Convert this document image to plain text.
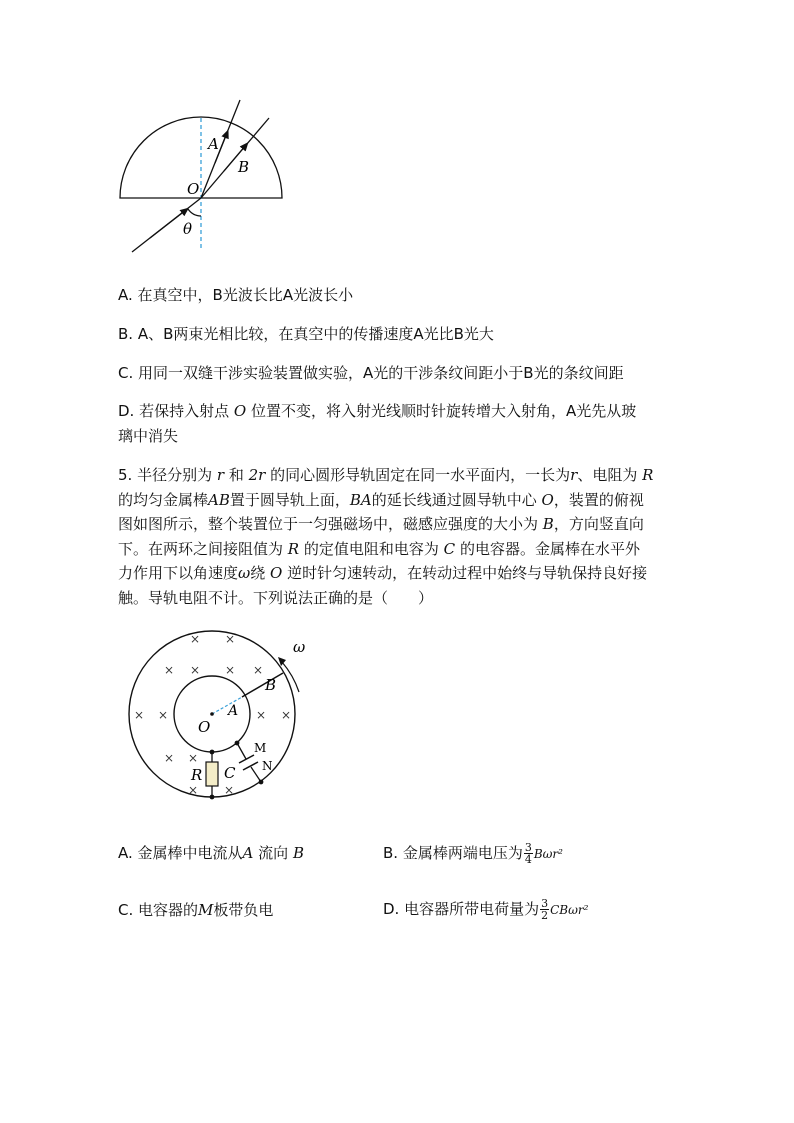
A
B
O
θ
A. 在真空中，B光波长比A光波长小
B. A、B两束光相比较，在真空中的传播速度A光比B光大
C. 用同一双缝干涉实验装置做实验，A光的干涉条纹间距小于B光的条纹间距
D. 若保持入射点 O 位置不变，将入射光线顺时针旋转增大入射角，A光先从玻
璃中消失
5. 半径分别为 r 和 2r 的同心圆形导轨固定在同一水平面内，一长为r、电阻为 R
的均匀金属棒AB置于圆导轨上面，BA的延长线通过圆导轨中心 O，装置的俯视
图如图所示，整个装置位于一匀强磁场中，磁感应强度的大小为 B，方向竖直向
下。在两环之间接阻值为 R 的定值电阻和电容为 C 的电容器。金属棒在水平外
力作用下以角速度ω绕 O 逆时针匀速转动，在转动过程中始终与导轨保持良好接
触。导轨电阻不计。下列说法正确的是（　　）
ω
B
A
O
R C
M
N
× ×
× × × ×
× ×	× ×
× ×
× ×
A. 金属棒中电流从A 流向 B	B. 金属棒两端电压为 $\frac{3}{4} B\omega r^2$
C. 电容器的M板带负电	D. 电容器所带电荷量为 $\frac{3}{2} CB\omega r^2$
